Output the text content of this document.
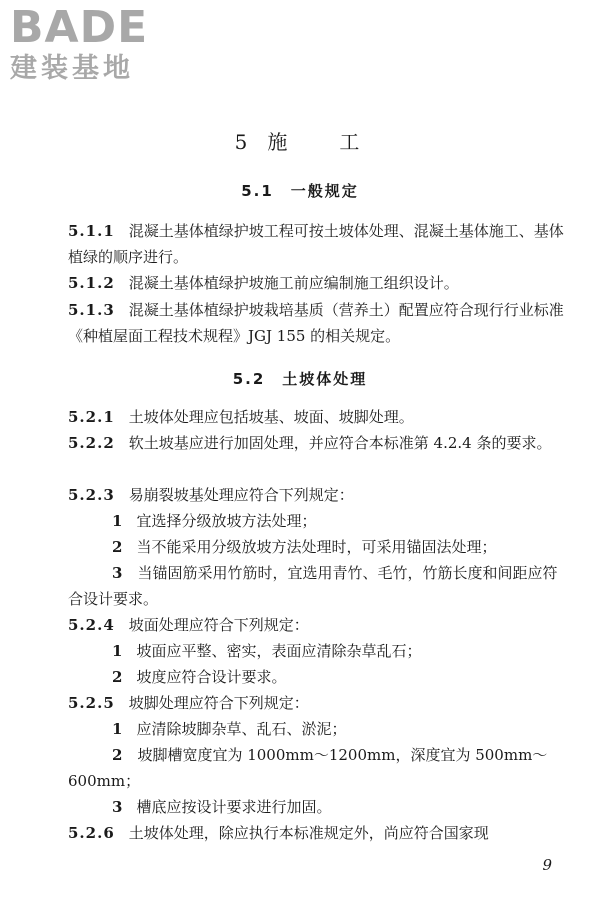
BADE
建装基地
5 施 工
5.1　一般规定
5.1.1 混凝土基体植绿护坡工程可按土坡体处理、混凝土基体施工、基体植绿的顺序进行。
5.1.2 混凝土基体植绿护坡施工前应编制施工组织设计。
5.1.3 混凝土基体植绿护坡栽培基质（营养土）配置应符合现行行业标准《种植屋面工程技术规程》JGJ 155 的相关规定。
5.2　土坡体处理
5.2.1 土坡体处理应包括坡基、坡面、坡脚处理。
5.2.2 软土坡基应进行加固处理，并应符合本标准第 4.2.4 条的要求。
5.2.3 易崩裂坡基处理应符合下列规定：
1 宜选择分级放坡方法处理；
2 当不能采用分级放坡方法处理时，可采用锚固法处理；
3 当锚固筋采用竹筋时，宜选用青竹、毛竹，竹筋长度和间距应符合设计要求。
5.2.4 坡面处理应符合下列规定：
1 坡面应平整、密实，表面应清除杂草乱石；
2 坡度应符合设计要求。
5.2.5 坡脚处理应符合下列规定：
1 应清除坡脚杂草、乱石、淤泥；
2 坡脚槽宽度宜为 1000mm～1200mm，深度宜为 500mm～600mm；
3 槽底应按设计要求进行加固。
5.2.6 土坡体处理，除应执行本标准规定外，尚应符合国家现
9
